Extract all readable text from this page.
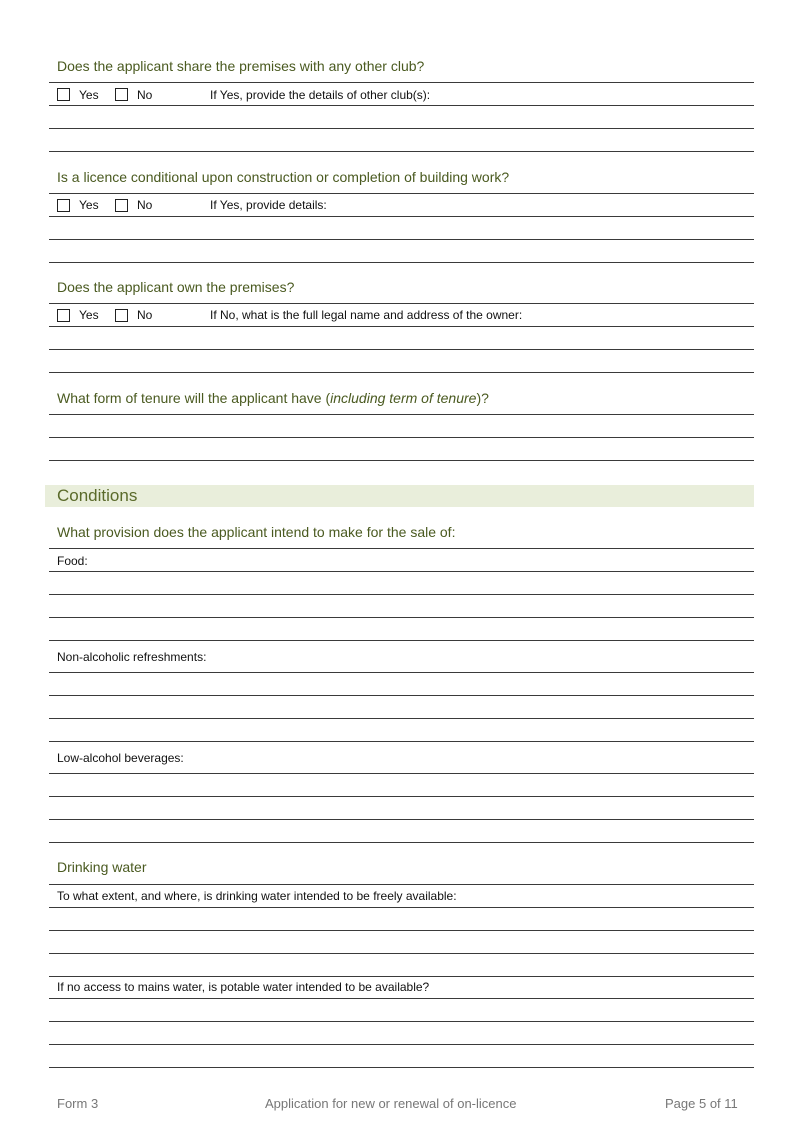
Does the applicant share the premises with any other club?
Yes	No	If Yes, provide the details of other club(s):
Is a licence conditional upon construction or completion of building work?
Yes	No	If Yes, provide details:
Does the applicant own the premises?
Yes	No	If No, what is the full legal name and address of the owner:
What form of tenure will the applicant have (including term of tenure)?
Conditions
What provision does the applicant intend to make for the sale of:
Food:
Non-alcoholic refreshments:
Low-alcohol beverages:
Drinking water
To what extent, and where, is drinking water intended to be freely available:
If no access to mains water, is potable water intended to be available?
Form 3	Application for new or renewal of on-licence	Page 5 of 11
